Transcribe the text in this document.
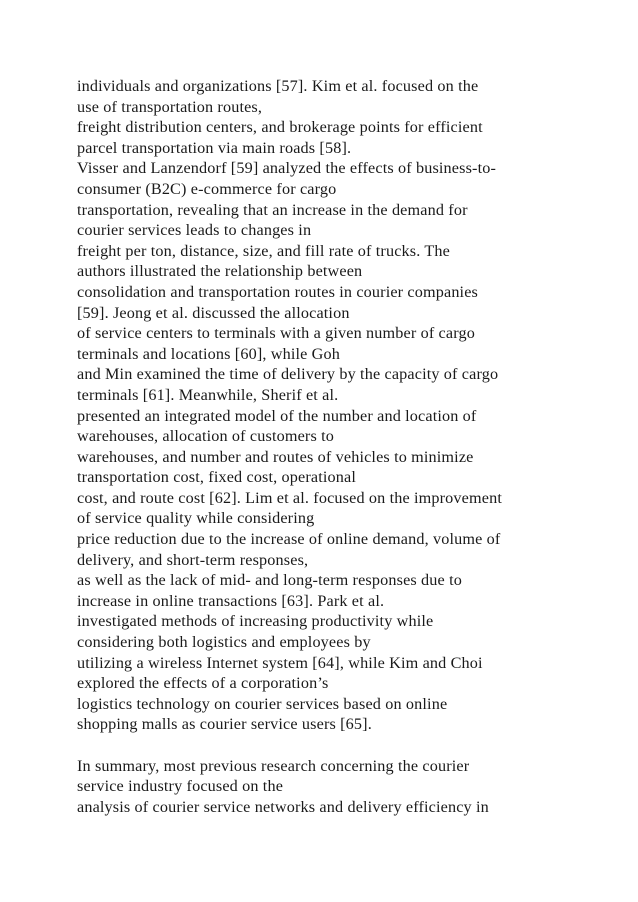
individuals and organizations [57]. Kim et al. focused on the
use of transportation routes,
freight distribution centers, and brokerage points for efficient
parcel transportation via main roads [58].
Visser and Lanzendorf [59] analyzed the effects of business-to-
consumer (B2C) e-commerce for cargo
transportation, revealing that an increase in the demand for
courier services leads to changes in
freight per ton, distance, size, and fill rate of trucks. The
authors illustrated the relationship between
consolidation and transportation routes in courier companies
[59]. Jeong et al. discussed the allocation
of service centers to terminals with a given number of cargo
terminals and locations [60], while Goh
and Min examined the time of delivery by the capacity of cargo
terminals [61]. Meanwhile, Sherif et al.
presented an integrated model of the number and location of
warehouses, allocation of customers to
warehouses, and number and routes of vehicles to minimize
transportation cost, fixed cost, operational
cost, and route cost [62]. Lim et al. focused on the improvement
of service quality while considering
price reduction due to the increase of online demand, volume of
delivery, and short-term responses,
as well as the lack of mid- and long-term responses due to
increase in online transactions [63]. Park et al.
investigated methods of increasing productivity while
considering both logistics and employees by
utilizing a wireless Internet system [64], while Kim and Choi
explored the effects of a corporation’s
logistics technology on courier services based on online
shopping malls as courier service users [65].
In summary, most previous research concerning the courier
service industry focused on the
analysis of courier service networks and delivery efficiency in
